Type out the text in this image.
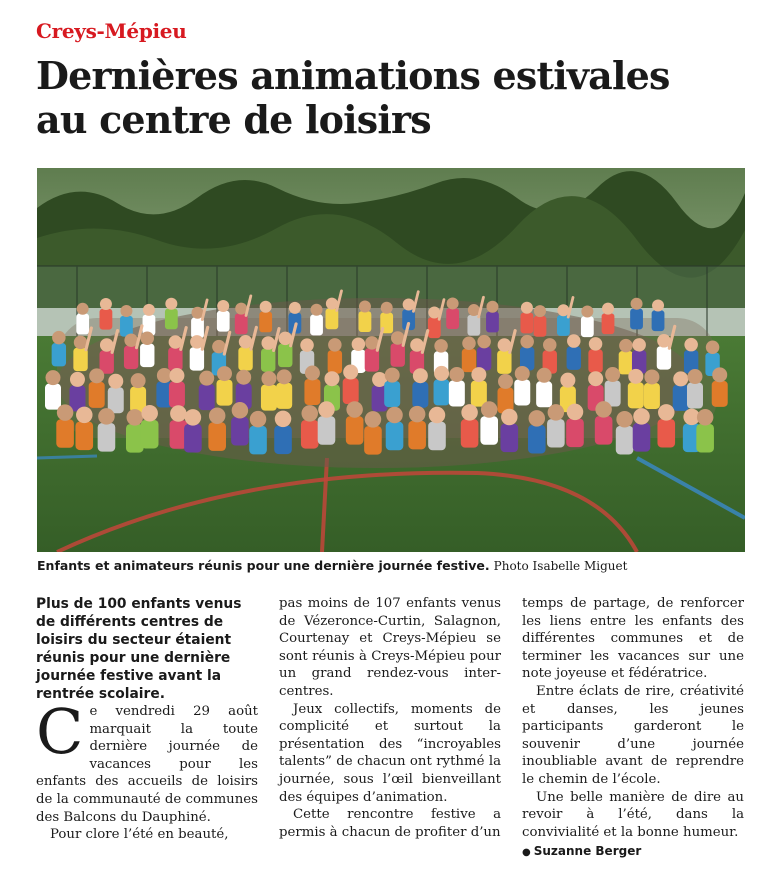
Creys-Mépieu
Dernières animations estivales
au centre de loisirs
Enfants et animateurs réunis pour une dernière journée festive. Photo Isabelle Miguet

Plus de 100 enfants venus de différents centres de loisirs du secteur étaient réunis pour une dernière journée festive avant la rentrée scolaire.

Ce vendredi 29 août marquait la toute dernière journée de vacances pour les enfants des accueils de loisirs de la communauté de communes des Balcons du Dauphiné.

Pour clore l’été en beauté,

pas moins de 107 enfants venus de Vézeronce-Curtin, Salagnon, Courtenay et Creys-Mépieu se sont réunis à Creys-Mépieu pour un grand rendez-vous inter-centres.

Jeux collectifs, moments de complicité et surtout la présentation des “incroyables talents” de chacun ont rythmé la journée, sous l’œil bienveillant des équipes d’animation.

Cette rencontre festive a permis à chacun de profiter d’un

temps de partage, de renforcer les liens entre les enfants des différentes communes et de terminer les vacances sur une note joyeuse et fédératrice.

Entre éclats de rire, créativité et danses, les jeunes participants garderont le souvenir d’une journée inoubliable avant de reprendre le chemin de l’école.

Une belle manière de dire au revoir à l’été, dans la convivialité et la bonne humeur.

● Suzanne Berger
